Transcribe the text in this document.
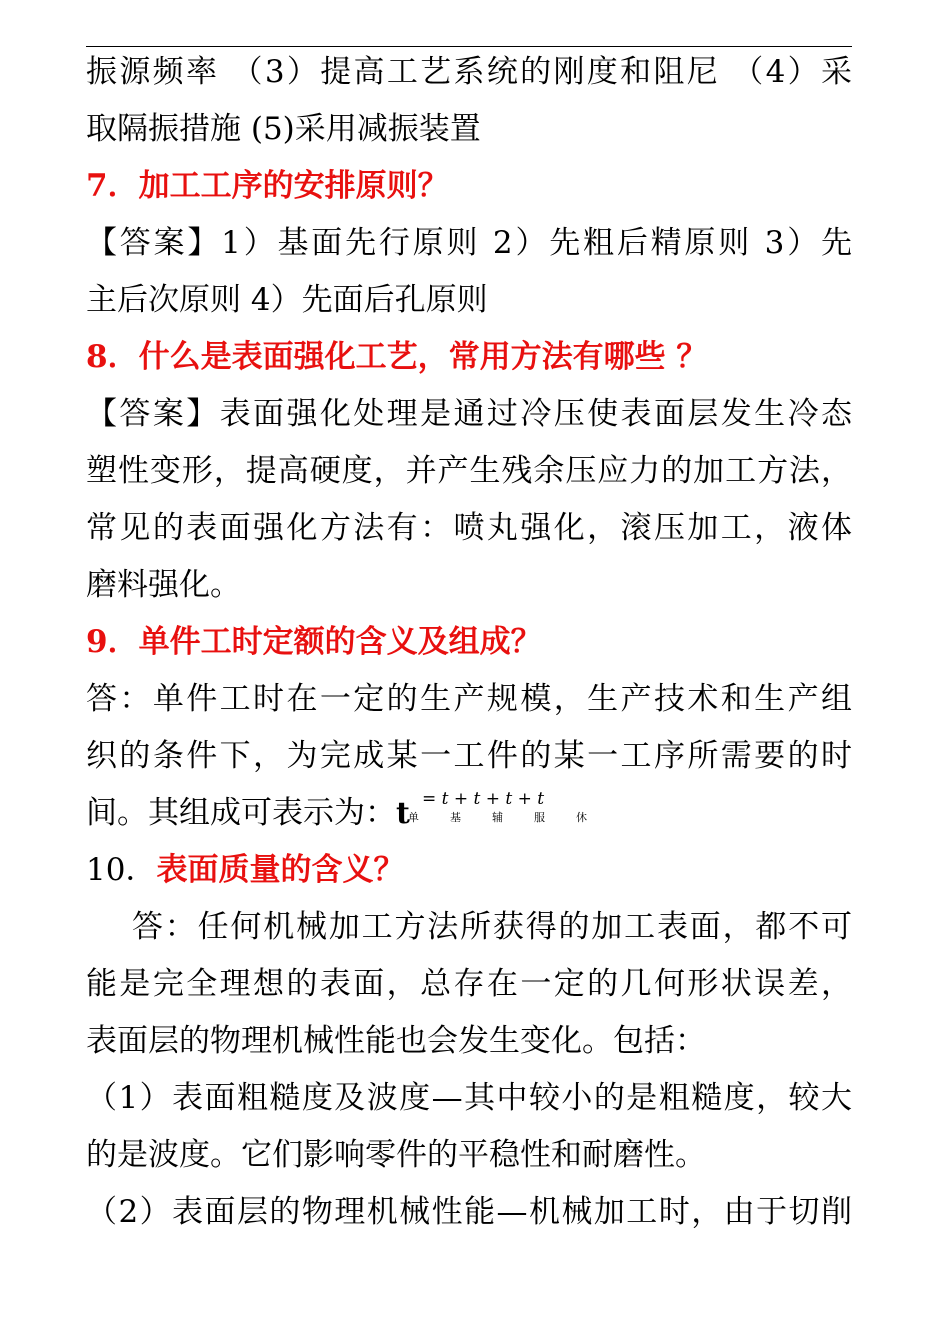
振源频率 （3）提高工艺系统的刚度和阻尼 （4）采
取隔振措施 (5)采用减振装置
7．加工工序的安排原则？
【答案】1）基面先行原则 2）先粗后精原则 3）先
主后次原则 4）先面后孔原则
8．什么是表面强化工艺，常用方法有哪些 ？
【答案】表面强化处理是通过冷压使表面层发生冷态
塑性变形，提高硬度，并产生残余压应力的加工方法，
常见的表面强化方法有：喷丸强化，滚压加工，液体
磨料强化。
9．单件工时定额的含义及组成？
答：单件工时在一定的生产规模，生产技术和生产组
织的条件下，为完成某一工件的某一工序所需要的时
间。其组成可表示为： t = t + t + t + t
单	基	辅	服	休
10．表面质量的含义？
答：任何机械加工方法所获得的加工表面，都不可
能是完全理想的表面，总存在一定的几何形状误差，
表面层的物理机械性能也会发生变化。包括：
（1）表面粗糙度及波度—其中较小的是粗糙度，较大
的是波度。它们影响零件的平稳性和耐磨性。
（2）表面层的物理机械性能—机械加工时，由于切削
